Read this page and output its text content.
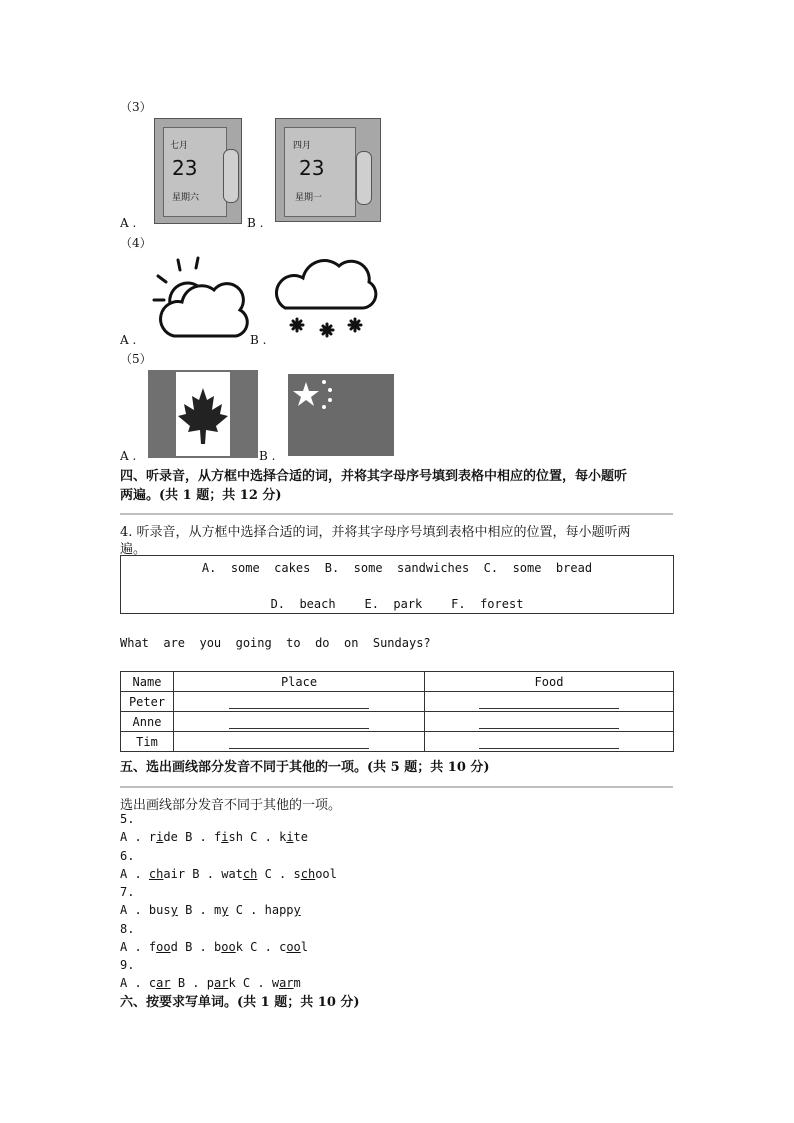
（3）
七月
23
星期六
A .	B .
四月
23
星期一
（4）
A .	B .
（5）
A .	B .
四、听录音，从方框中选择合适的词，并将其字母序号填到表格中相应的位置，每小题听
两遍。(共 1 题；共 12 分)
4. 听录音，从方框中选择合适的词，并将其字母序号填到表格中相应的位置，每小题听两
遍。
A.  some  cakes  B.  some  sandwiches  C.  some  bread
D.  beach    E.  park    F.  forest
What  are  you  going  to  do  on  Sundays?
Name	Place	Food
Peter		
Anne		
Tim		
五、选出画线部分发音不同于其他的一项。(共 5 题；共 10 分)
选出画线部分发音不同于其他的一项。
5.
A . ride B . fish C . kite
6.
A . chair B . watch C . school
7.
A . busy B . my C . happy
8.
A . food B . book C . cool
9.
A . car B . park C . warm
六、按要求写单词。(共 1 题；共 10 分)
